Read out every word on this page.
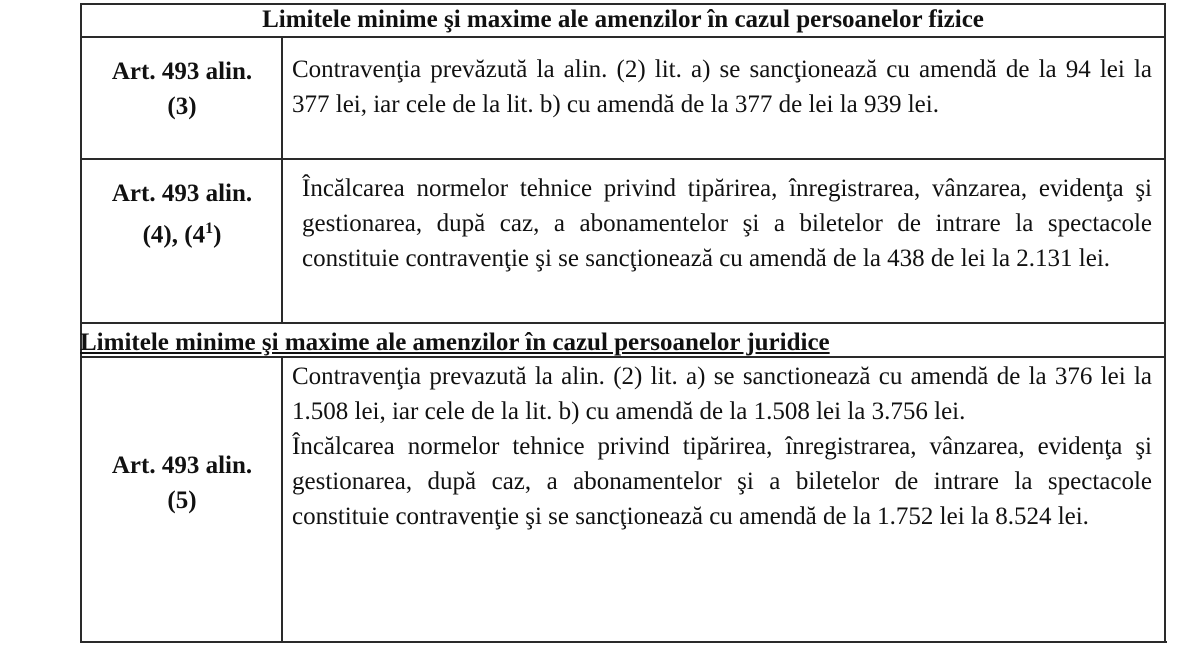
Limitele minime şi maxime ale amenzilor în cazul persoanelor fizice
Art. 493 alin.
(3)

Contravenţia prevăzută la alin. (2) lit. a) se sancţionează cu amendă de la 94 lei la 377 lei, iar cele de la lit. b) cu amendă de la 377 de lei la 939 lei.

Art. 493 alin.
(4), $(4^1)$

Încălcarea normelor tehnice privind tipărirea, înregistrarea, vânzarea, evidenţa şi gestionarea, după caz, a abonamentelor şi a biletelor de intrare la spectacole constituie contravenţie şi se sancţionează cu amendă de la 438 de lei la 2.131 lei.

Limitele minime şi maxime ale amenzilor în cazul persoanelor juridice
Art. 493 alin.
(5)

Contravenţia prevazută la alin. (2) lit. a) se sanctionează cu amendă de la 376 lei la 1.508 lei, iar cele de la lit. b) cu amendă de la 1.508 lei la 3.756 lei.

Încălcarea normelor tehnice privind tipărirea, înregistrarea, vânzarea, evidenţa şi gestionarea, după caz, a abonamentelor şi a biletelor de intrare la spectacole constituie contravenţie şi se sancţionează cu amendă de la 1.752 lei la 8.524 lei.
